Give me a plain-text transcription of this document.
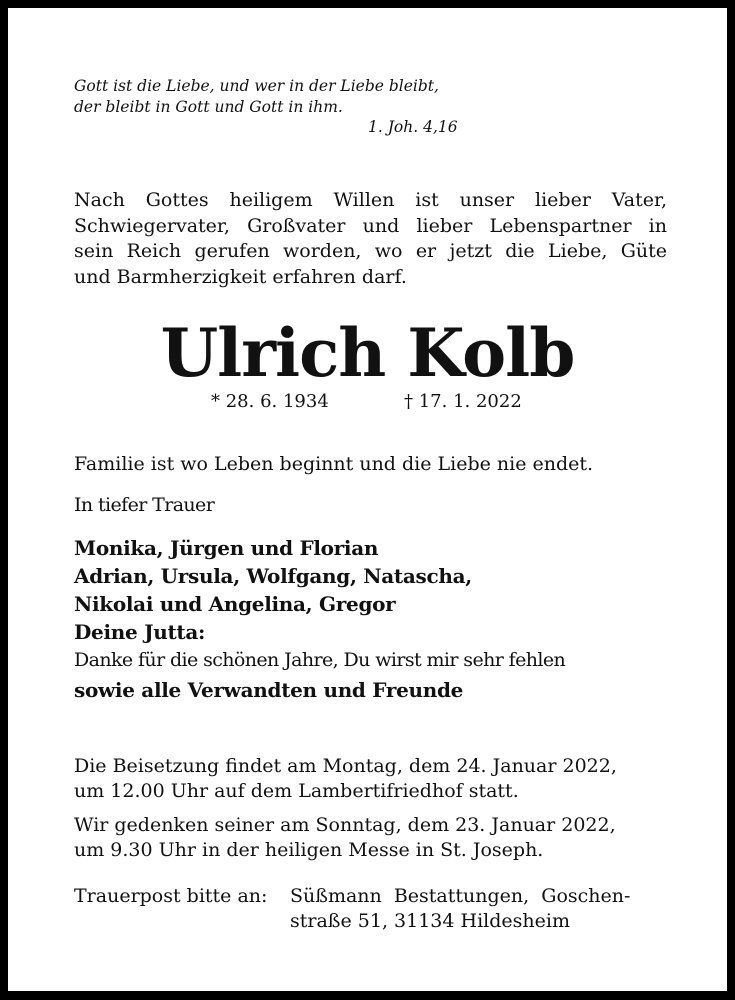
Gott ist die Liebe, und wer in der Liebe bleibt,
der bleibt in Gott und Gott in ihm.
1. Joh. 4,16
Nach Gottes heiligem Willen ist unser lieber Vater,
Schwiegervater, Großvater und lieber Lebenspartner in
sein Reich gerufen worden, wo er jetzt die Liebe, Güte
und Barmherzigkeit erfahren darf.
Ulrich Kolb
* 28. 6. 1934	† 17. 1. 2022
Familie ist wo Leben beginnt und die Liebe nie endet.
In tiefer Trauer
Monika, Jürgen und Florian
Adrian, Ursula, Wolfgang, Natascha,
Nikolai und Angelina, Gregor
Deine Jutta:
Danke für die schönen Jahre, Du wirst mir sehr fehlen
sowie alle Verwandten und Freunde
Die Beisetzung findet am Montag, dem 24. Januar 2022,
um 12.00 Uhr auf dem Lambertifriedhof statt.
Wir gedenken seiner am Sonntag, dem 23. Januar 2022,
um 9.30 Uhr in der heiligen Messe in St. Joseph.
Trauerpost bitte an: Süßmann  Bestattungen,  Goschen-
straße 51, 31134 Hildesheim
